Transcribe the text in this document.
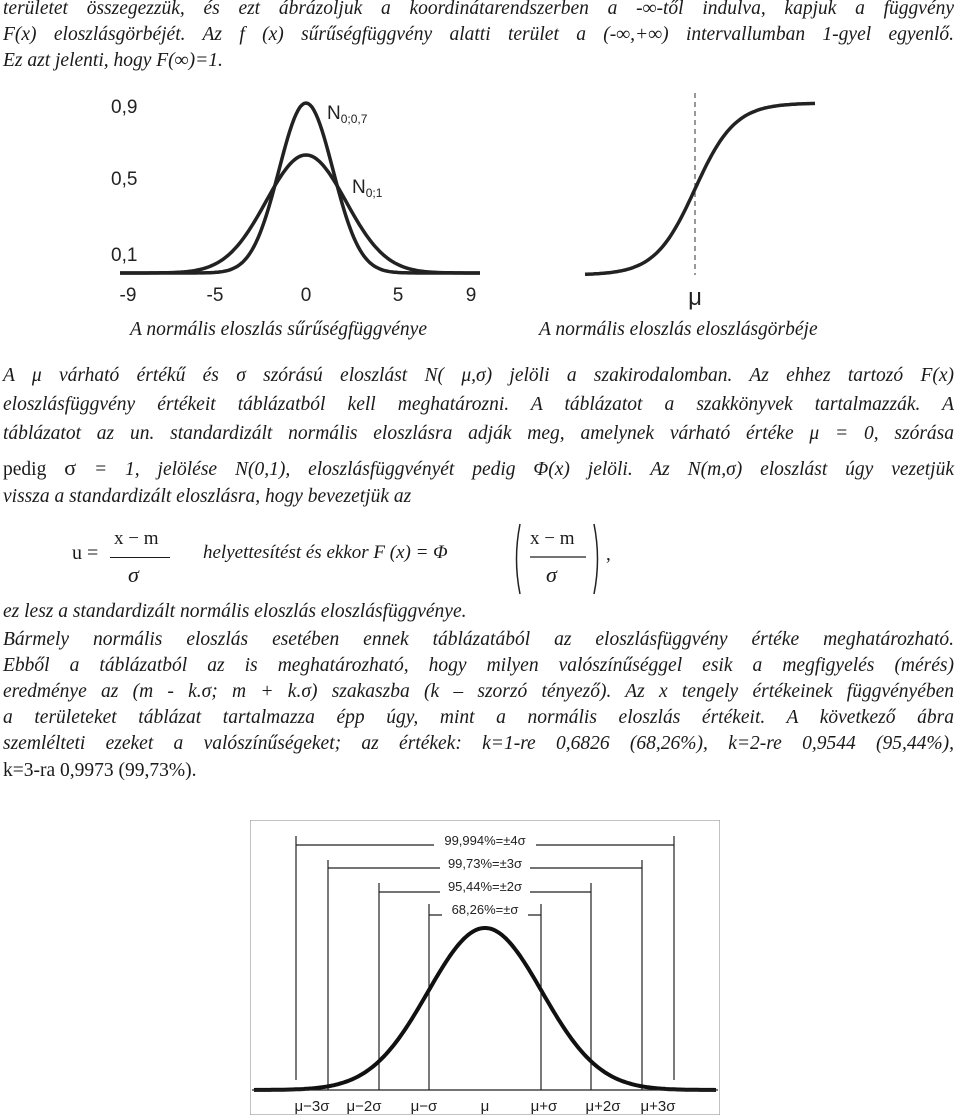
területet összegezzük, és ezt ábrázoljuk a koordinátarendszerben a -∞-től indulva, kapjuk a függvény
F(x) eloszlásgörbéjét. Az f (x) sűrűségfüggvény alatti terület a (-∞,+∞) intervallumban 1-gyel egyenlő.
Ez azt jelenti, hogy F(∞)=1.
0,9
0,5
0,1
-9	-5	0	5	9
$N_{0;0,7}$
$N_{0;1}$
μ
A normális eloszlás sűrűségfüggvénye	A normális eloszlás eloszlásgörbéje
A μ várható értékű és σ szórású eloszlást N( μ,σ) jelöli a szakirodalomban. Az ehhez tartozó F(x)
eloszlásfüggvény értékeit táblázatból kell meghatározni. A táblázatot a szakkönyvek tartalmazzák. A
táblázatot az un. standardizált normális eloszlásra adják meg, amelynek várható értéke μ = 0, szórása
pedig σ = 1, jelölése N(0,1), eloszlásfüggvényét pedig Φ(x) jelöli. Az N(m,σ) eloszlást úgy vezetjük
vissza a standardizált eloszlásra, hogy bevezetjük az
u =
x − m
σ
helyettesítést és ekkor F (x) = Φ
x − m
σ
,
ez lesz a standardizált normális eloszlás eloszlásfüggvénye.
Bármely normális eloszlás esetében ennek táblázatából az eloszlásfüggvény értéke meghatározható.
Ebből a táblázatból az is meghatározható, hogy milyen valószínűséggel esik a megfigyelés (mérés)
eredménye az (m - k.σ; m + k.σ) szakaszba (k – szorzó tényező). Az x tengely értékeinek függvényében
a területeket táblázat tartalmazza épp úgy, mint a normális eloszlás értékeit. A következő ábra
szemlélteti ezeket a valószínűségeket; az értékek: k=1-re 0,6826 (68,26%), k=2-re 0,9544 (95,44%),
k=3-ra 0,9973 (99,73%).
99,994%=±4σ
99,73%=±3σ
95,44%=±2σ
68,26%=±σ
μ−3σ μ−2σ μ−σ	μ	μ+σ μ+2σ μ+3σ
